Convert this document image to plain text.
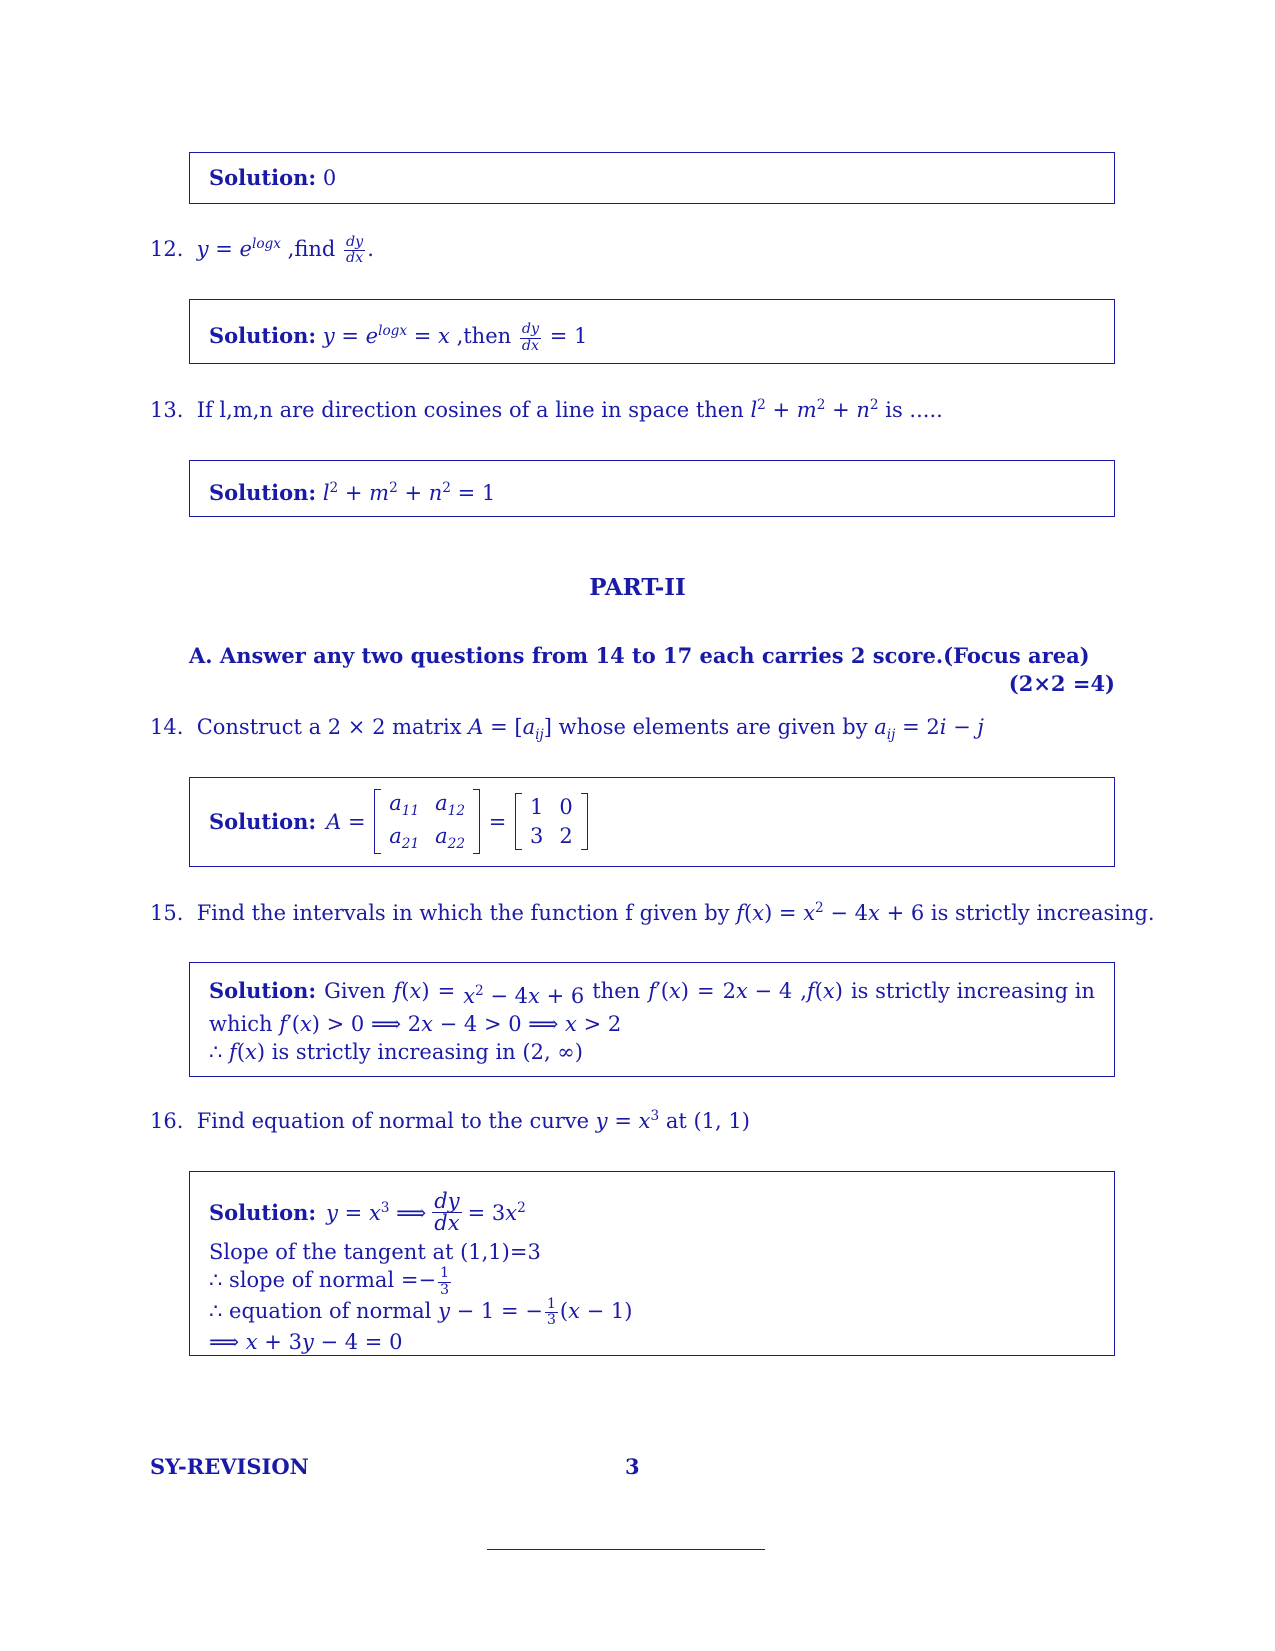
Solution: 0
12. $y = e^{logx}$ ,find $\frac{dy}{dx}$ .
Solution: $y = e^{logx} = x$ ,then $\frac{dy}{dx} = 1$
13. If l,m,n are direction cosines of a line in space then $l^2 + m^2 + n^2$ is .....
Solution: $l^2 + m^2 + n^2 = 1$
PART-II
A. Answer any two questions from 14 to 17 each carries 2 score.(Focus area)
(2×2 =4)
14. Construct a 2 × 2 matrix $A = [a_{ij}]$ whose elements are given by $a_{ij} = 2i - j$
Solution: A =
$a_{11}$	$a_{12}$
$a_{21}$	$a_{22}$
=
1	0
3	2
15. Find the intervals in which the function f given by $f(x) = x^2 - 4x + 6$ is strictly increasing.
Solution: Given $f(x) = x^2 - 4x + 6$ then f′(x) = 2x − 4 ,f(x) is strictly increasing in
which f′(x) > 0 ⟹ 2x − 4 > 0 ⟹ x > 2
∴ f(x) is strictly increasing in (2, ∞)
16. Find equation of normal to the curve $y = x^3$ at (1, 1)
Solution: $y = x^3$ ⟹ $\frac{dy}{dx} = 3x^2$
Slope of the tangent at (1,1)=3
∴ slope of normal =− $\frac{1}{3}$
∴ equation of normal y − 1 = − $\frac{1}{3} (x - 1)$
⟹ x + 3y − 4 = 0
SY-REVISION	3
